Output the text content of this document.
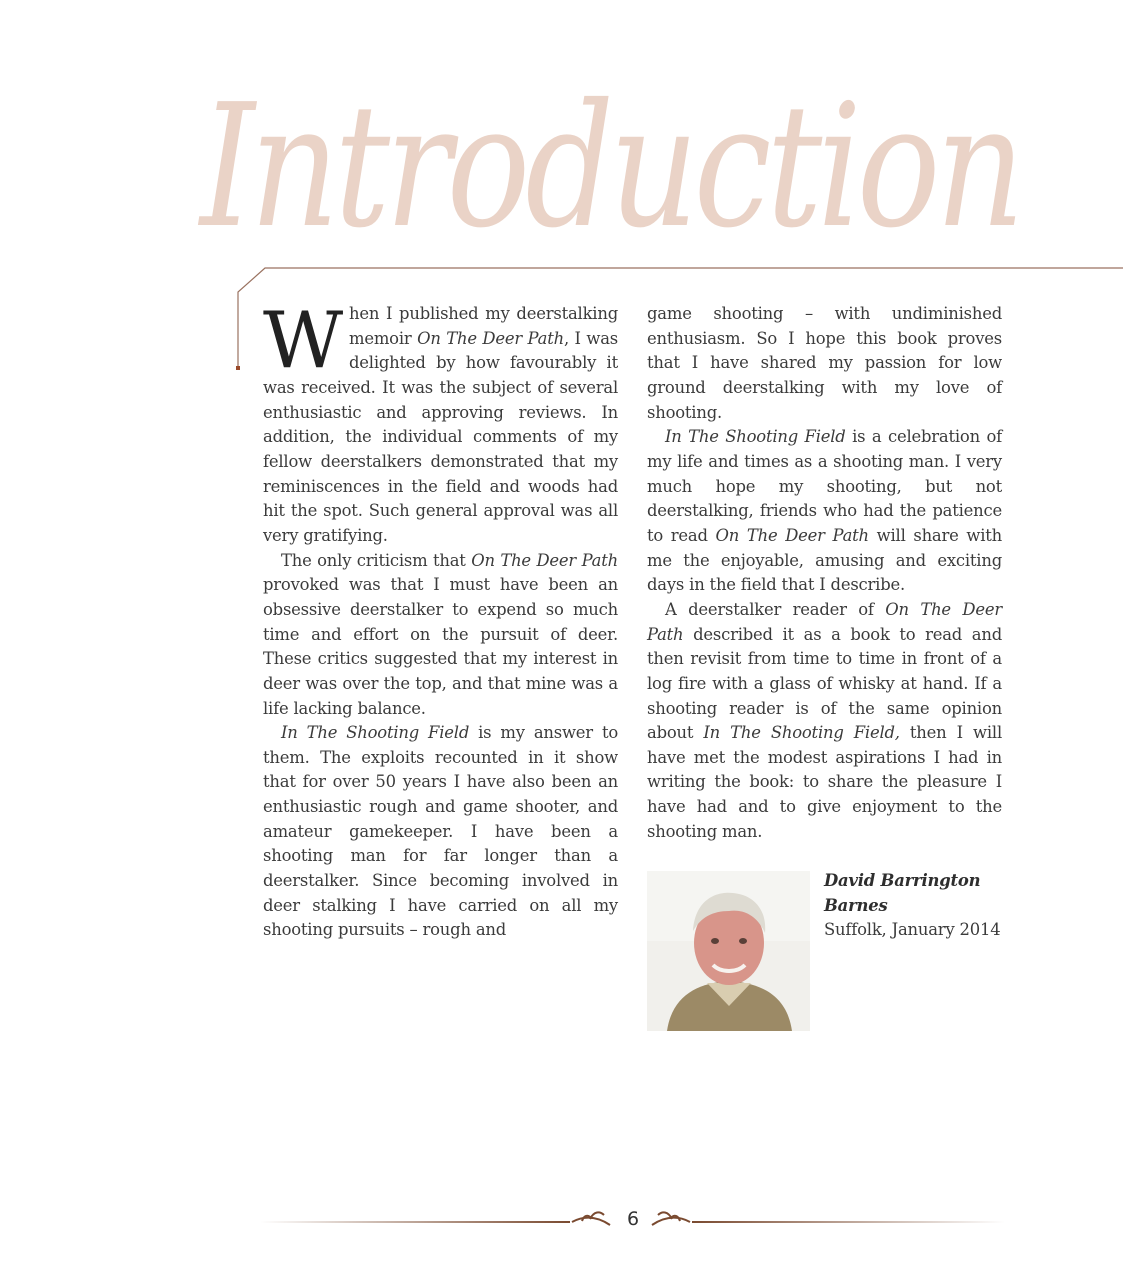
Introduction

When I published my deerstalking memoir On The Deer Path, I was delighted by how favourably it was received. It was the subject of several enthusiastic and approving reviews. In addition, the individual comments of my fellow deerstalkers demonstrated that my reminiscences in the field and woods had hit the spot. Such general approval was all very gratifying.

The only criticism that On The Deer Path provoked was that I must have been an obsessive deerstalker to expend so much time and effort on the pursuit of deer. These critics suggested that my interest in deer was over the top, and that mine was a life lacking balance.

In The Shooting Field is my answer to them. The exploits recounted in it show that for over 50 years I have also been an enthusiastic rough and game shooter, and amateur gamekeeper. I have been a shooting man for far longer than a deerstalker. Since becoming involved in deer stalking I have carried on all my shooting pursuits – rough and

game shooting – with undiminished enthusiasm. So I hope this book proves that I have shared my passion for low ground deerstalking with my love of shooting.

In The Shooting Field is a celebration of my life and times as a shooting man. I very much hope my shooting, but not deerstalking, friends who had the patience to read On The Deer Path will share with me the enjoyable, amusing and exciting days in the field that I describe.

A deerstalker reader of On The Deer Path described it as a book to read and then revisit from time to time in front of a log fire with a glass of whisky at hand. If a shooting reader is of the same opinion about In The Shooting Field, then I will have met the modest aspirations I had in writing the book: to share the pleasure I have had and to give enjoyment to the shooting man.

David Barrington Barnes
Suffolk, January 2014
6
